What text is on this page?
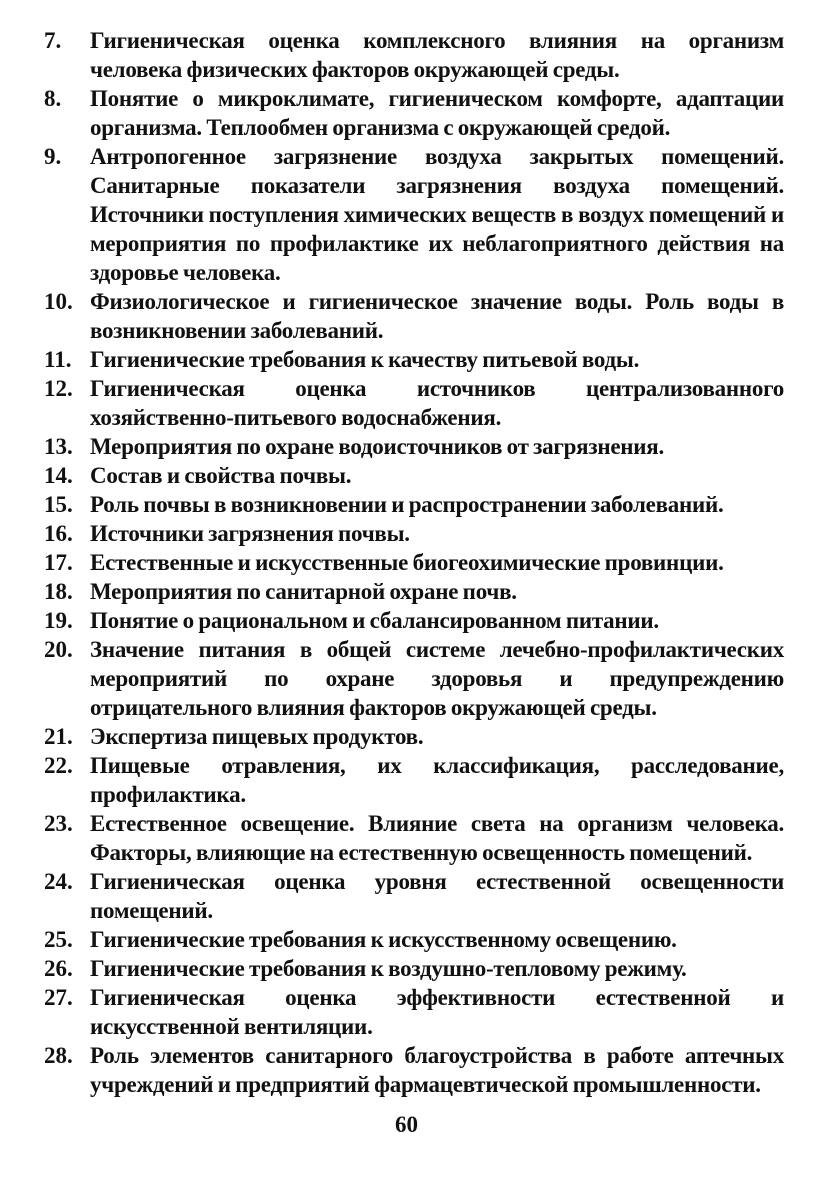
7.	Гигиеническая оценка комплексного влияния на организм человека физических факторов окружающей среды.
8.	Понятие о микроклимате, гигиеническом комфорте, адаптации организма. Теплообмен организма с окружающей средой.
9.	Антропогенное загрязнение воздуха закрытых помещений. Санитарные показатели загрязнения воздуха помещений. Источники поступления химических веществ в воздух помещений и мероприятия по профилактике их неблагоприятного действия на здоровье человека.
10. Физиологическое и гигиеническое значение воды. Роль воды в возникновении заболеваний.
11. Гигиенические требования к качеству питьевой воды.
12. Гигиеническая оценка источников централизованного хозяйственно-питьевого водоснабжения.
13. Мероприятия по охране водоисточников от загрязнения.
14. Состав и свойства почвы.
15. Роль почвы в возникновении и распространении заболеваний.
16. Источники загрязнения почвы.
17. Естественные и искусственные биогеохимические провинции.
18. Мероприятия по санитарной охране почв.
19. Понятие о рациональном и сбалансированном питании.
20. Значение питания в общей системе лечебно-профилактических мероприятий по охране здоровья и предупреждению отрицательного влияния факторов окружающей среды.
21. Экспертиза пищевых продуктов.
22. Пищевые отравления, их классификация, расследование, профилактика.
23. Естественное освещение. Влияние света на организм человека. Факторы, влияющие на естественную освещенность помещений.
24. Гигиеническая оценка уровня естественной освещенности помещений.
25. Гигиенические требования к искусственному освещению.
26. Гигиенические требования к воздушно-тепловому режиму.
27. Гигиеническая оценка эффективности естественной и искусственной вентиляции.
28. Роль элементов санитарного благоустройства в работе аптечных учреждений и предприятий фармацевтической промышленности.
60
